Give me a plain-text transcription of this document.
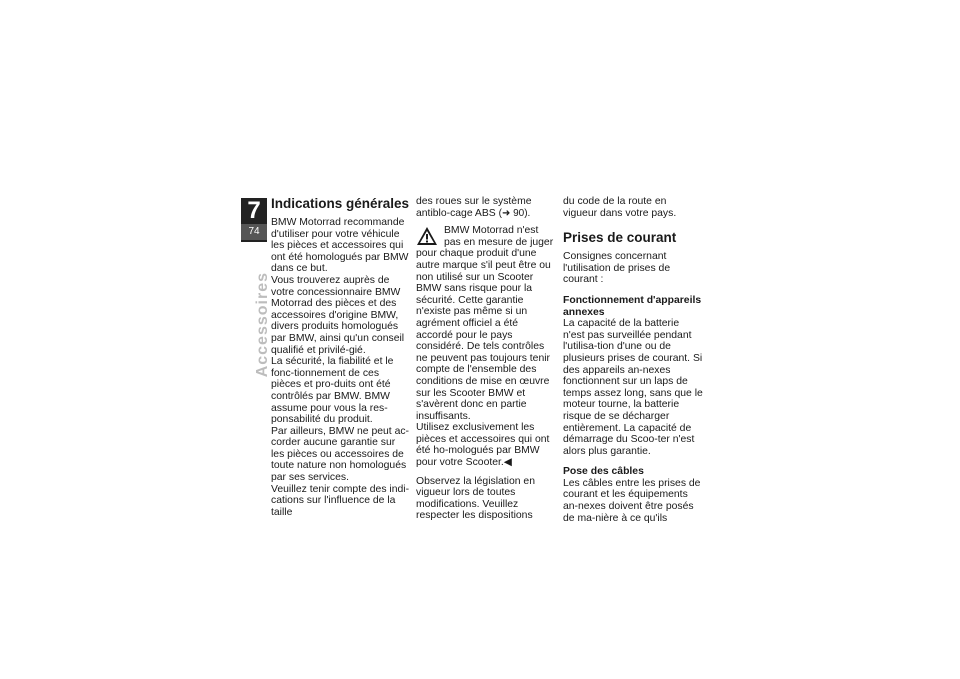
7
74
Accessoires
Indications générales

BMW Motorrad recommande d'utiliser pour votre véhicule les pièces et accessoires qui ont été homologués par BMW dans ce but.

Vous trouverez auprès de votre concessionnaire BMW Motorrad des pièces et des accessoires d'origine BMW, divers produits homologués par BMW, ainsi qu'un conseil qualifié et privilé-gié.

La sécurité, la fiabilité et le fonc-tionnement de ces pièces et pro-duits ont été contrôlés par BMW. BMW assume pour vous la res-ponsabilité du produit.

Par ailleurs, BMW ne peut ac-corder aucune garantie sur les pièces ou accessoires de toute nature non homologués par ses services.

Veuillez tenir compte des indi-cations sur l'influence de la taille

des roues sur le système antiblo-cage ABS (➜ 90).

BMW Motorrad n'est pas en mesure de juger pour chaque produit d'une autre marque s'il peut être ou non utilisé sur un Scooter BMW sans risque pour la sécurité. Cette garantie n'existe pas même si un agrément officiel a été accordé pour le pays considéré. De tels contrôles ne peuvent pas toujours tenir compte de l'ensemble des conditions de mise en œuvre sur les Scooter BMW et s'avèrent donc en partie insuffisants.

Utilisez exclusivement les pièces et accessoires qui ont été ho-mologués par BMW pour votre Scooter.◀

Observez la législation en vigueur lors de toutes modifications. Veuillez respecter les dispositions

du code de la route en vigueur dans votre pays.

Prises de courant

Consignes concernant l'utilisation de prises de courant :

Fonctionnement d'appareils annexes

La capacité de la batterie n'est pas surveillée pendant l'utilisa-tion d'une ou de plusieurs prises de courant. Si des appareils an-nexes fonctionnent sur un laps de temps assez long, sans que le moteur tourne, la batterie risque de se décharger entièrement. La capacité de démarrage du Scoo-ter n'est alors plus garantie.

Pose des câbles

Les câbles entre les prises de courant et les équipements an-nexes doivent être posés de ma-nière à ce qu'ils
